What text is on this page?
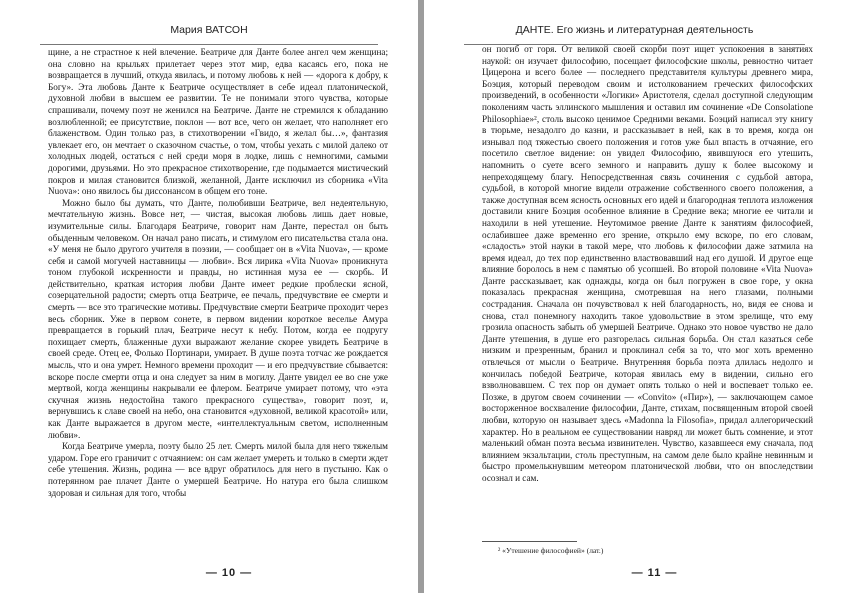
Мария ВАТСОН

щине, а не страстное к ней влечение. Беатриче для Данте более ангел чем женщина; она словно на крыльях прилетает через этот мир, едва касаясь его, пока не возвращается в лучший, откуда явилась, и потому любовь к ней — «дорога к добру, к Богу». Эта любовь Данте к Беатриче осуществляет в себе идеал платонической, духовной любви в высшем ее развитии. Те не понимали этого чувства, которые спрашивали, почему поэт не женился на Беатриче. Данте не стремился к обладанию возлюбленной; ее присутствие, поклон — вот все, чего он желает, что наполняет его блаженством. Один только раз, в стихотворении «Гвидо, я желал бы…», фантазия увлекает его, он мечтает о сказочном счастье, о том, чтобы уехать с милой далеко от холодных людей, остаться с ней среди моря в лодке, лишь с немногими, самыми дорогими, друзьями. Но это прекрасное стихотворение, где подымается мистический покров и милая становится близкой, желанной, Данте исключил из сборника «Vita Nuova»: оно явилось бы диссонансом в общем его тоне.

Можно было бы думать, что Данте, полюбивши Беатриче, вел недеятельную, мечтательную жизнь. Вовсе нет, — чистая, высокая любовь лишь дает новые, изумительные силы. Благодаря Беатриче, говорит нам Данте, перестал он быть обыденным человеком. Он начал рано писать, и стимулом его писательства стала она. «У меня не было другого учителя в поэзии, — сообщает он в «Vita Nuova», — кроме себя и самой могучей наставницы — любви». Вся лирика «Vita Nuova» проникнута тоном глубокой искренности и правды, но истинная муза ее — скорбь. И действительно, краткая история любви Данте имеет редкие проблески ясной, созерцательной радости; смерть отца Беатриче, ее печаль, предчувствие ее смерти и смерть — все это трагические мотивы. Предчувствие смерти Беатриче проходит через весь сборник. Уже в первом сонете, в первом видении короткое веселье Амура превращается в горький плач, Беатриче несут к небу. Потом, когда ее подругу похищает смерть, блаженные духи выражают желание скорее увидеть Беатриче в своей среде. Отец ее, Фолько Портинари, умирает. В душе поэта тотчас же рождается мысль, что и она умрет. Немного времени проходит — и его предчувствие сбывается: вскоре после смерти отца и она следует за ним в могилу. Данте увидел ее во сне уже мертвой, когда женщины накрывали ее флером. Беатриче умирает потому, что «эта скучная жизнь недостойна такого прекрасного существа», говорит поэт, и, вернувшись к славе своей на небо, она становится «духовной, великой красотой» или, как Данте выражается в другом месте, «интеллектуальным светом, исполненным любви».

Когда Беатриче умерла, поэту было 25 лет. Смерть милой была для него тяжелым ударом. Горе его граничит с отчаянием: он сам желает умереть и только в смерти ждет себе утешения. Жизнь, родина — все вдруг обратилось для него в пустыню. Как о потерянном рае плачет Данте о умершей Беатриче. Но натура его была слишком здоровая и сильная для того, чтобы

— 10 —
ДАНТЕ. Его жизнь и литературная деятельность

он погиб от горя. От великой своей скорби поэт ищет успокоения в занятиях наукой: он изучает философию, посещает философские школы, ревностно читает Цицерона и всего более — последнего представителя культуры древнего мира, Боэция, который переводом своим и истолкованием греческих философских произведений, в особенности «Логики» Аристотеля, сделал доступной следующим поколениям часть эллинского мышления и оставил им сочинение «De Consolatione Philosophiae»², столь высоко ценимое Средними веками. Боэций написал эту книгу в тюрьме, незадолго до казни, и рассказывает в ней, как в то время, когда он изнывал под тяжестью своего положения и готов уже был впасть в отчаяние, его посетило светлое видение: он увидел Философию, явившуюся его утешить, напомнить о суете всего земного и направить душу к более высокому и непреходящему благу. Непосредственная связь сочинения с судьбой автора, судьбой, в которой многие видели отражение собственного своего положения, а также доступная всем ясность основных его идей и благородная теплота изложения доставили книге Боэция особенное влияние в Средние века; многие ее читали и находили в ней утешение. Неутомимое рвение Данте к занятиям философией, ослабившее даже временно его зрение, открыло ему вскоре, по его словам, «сладость» этой науки в такой мере, что любовь к философии даже затмила на время идеал, до тех пор единственно властвовавший над его душой. И другое еще влияние боролось в нем с памятью об усопшей. Во второй половине «Vita Nuova» Данте рассказывает, как однажды, когда он был погружен в свое горе, у окна показалась прекрасная женщина, смотревшая на него глазами, полными сострадания. Сначала он почувствовал к ней благодарность, но, видя ее снова и снова, стал понемногу находить такое удовольствие в этом зрелище, что ему грозила опасность забыть об умершей Беатриче. Однако это новое чувство не дало Данте утешения, в душе его разгорелась сильная борьба. Он стал казаться себе низким и презренным, бранил и проклинал себя за то, что мог хоть временно отвлечься от мысли о Беатриче. Внутренняя борьба поэта длилась недолго и кончилась победой Беатриче, которая явилась ему в видении, сильно его взволновавшем. С тех пор он думает опять только о ней и воспевает только ее. Позже, в другом своем сочинении — «Convito» («Пир»), — заключающем самое восторженное восхваление философии, Данте, стихам, посвященным второй своей любви, которую он называет здесь «Madonna la Filosofia», придал аллегорический характер. Но в реальном ее существовании навряд ли может быть сомнение, и этот маленький обман поэта весьма извинителен. Чувство, казавшееся ему сначала, под влиянием экзальтации, столь преступным, на самом деле было крайне невинным и быстро промелькнувшим метеором платонической любви, что он впоследствии осознал и сам.

² «Утешение философией» (лат.)
— 11 —
